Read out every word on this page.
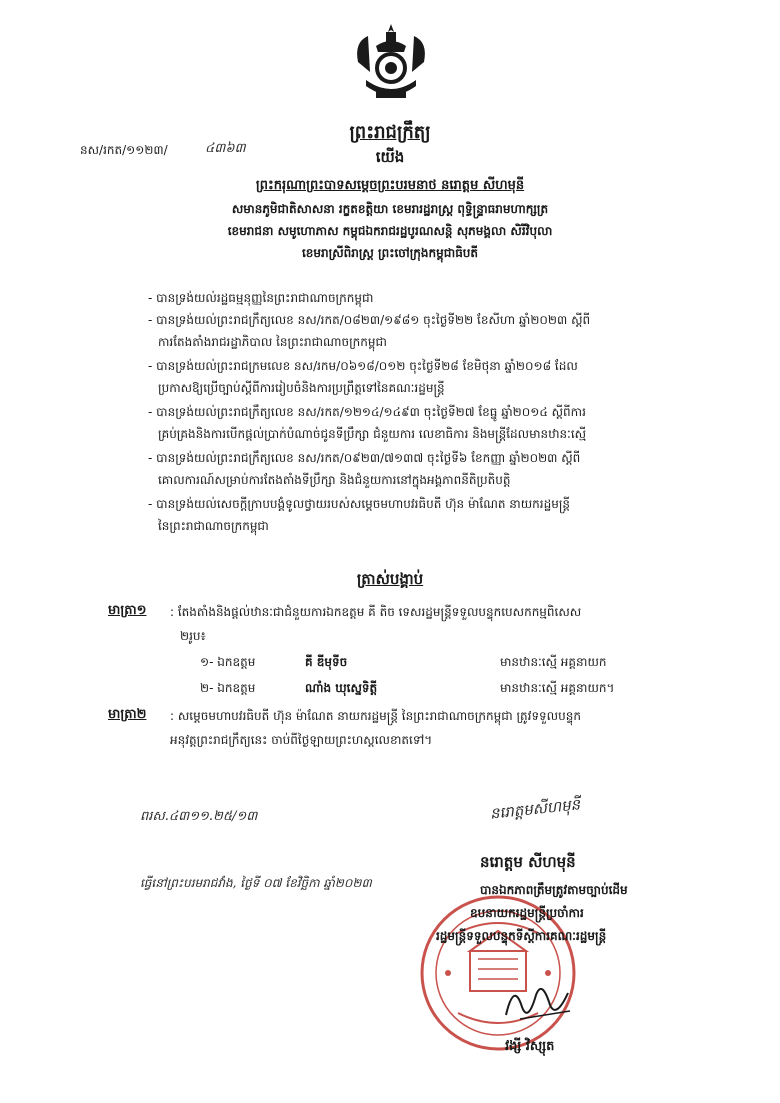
នស/រកត/១១២៣/	៤៣៦៣
ព្រះរាជក្រឹត្យ
យើង
ព្រះករុណាព្រះបាទសម្តេចព្រះបរមនាថ នរោត្តម សីហមុនី
សមានភូមិជាតិសាសនា រក្ខតខត្តិយា ខេមរារដ្ឋរាស្ត្រ ពុទ្ធិន្ទ្រាធរាមហាក្សត្រ
ខេមរាជនា សមូហោភាស កម្ពុជឯករាជរដ្ឋបូរណសន្តិ សុភមង្គលា សិរីវិបុលា
ខេមរាស្រីពិរាស្ត្រ ព្រះចៅក្រុងកម្ពុជាធិបតី
- បានទ្រង់យល់រដ្ឋធម្មនុញ្ញនៃព្រះរាជាណាចក្រកម្ពុជា
- បានទ្រង់យល់ព្រះរាជក្រឹត្យលេខ នស/រកត/០៨២៣/១៩៨១ ចុះថ្ងៃទី២២ ខែសីហា ឆ្នាំ២០២៣ ស្តីពី
ការតែងតាំងរាជរដ្ឋាភិបាល នៃព្រះរាជាណាចក្រកម្ពុជា
- បានទ្រង់យល់ព្រះរាជក្រមលេខ នស/រកម/០៦១៨/០១២ ចុះថ្ងៃទី២៨ ខែមិថុនា ឆ្នាំ២០១៨ ដែល
ប្រកាសឱ្យប្រើច្បាប់ស្តីពីការរៀបចំនិងការប្រព្រឹត្តទៅនៃគណៈរដ្ឋមន្ត្រី
- បានទ្រង់យល់ព្រះរាជក្រឹត្យលេខ នស/រកត/១២១៤/១៤៩៣ ចុះថ្ងៃទី២៧ ខែធ្នូ ឆ្នាំ២០១៤ ស្តីពីការ
គ្រប់គ្រងនិងការបើកផ្តល់ប្រាក់បំណាច់ជូនទីប្រឹក្សា ជំនួយការ លេខាធិការ និងមន្ត្រីដែលមានឋានៈស្មើ
- បានទ្រង់យល់ព្រះរាជក្រឹត្យលេខ នស/រកត/០៩២៣/៧១៣៧ ចុះថ្ងៃទី៦ ខែកញ្ញា ឆ្នាំ២០២៣ ស្តីពី
គោលការណ៍សម្រាប់ការតែងតាំងទីប្រឹក្សា និងជំនួយការនៅក្នុងអង្គភាពនីតិប្រតិបត្តិ
- បានទ្រង់យល់សេចក្តីក្រាបបង្គំទូលថ្វាយរបស់សម្តេចមហាបវរធិបតី ហ៊ុន ម៉ាណែត នាយករដ្ឋមន្ត្រី
នៃព្រះរាជាណាចក្រកម្ពុជា
ត្រាស់បង្គាប់
មាត្រា១ : តែងតាំងនិងផ្តល់ឋានៈជាជំនួយការឯកឧត្តម គី តិច ទេសរដ្ឋមន្ត្រីទទួលបន្ទុកបេសកកម្មពិសេស
២រូប៖
១- ឯកឧត្តម	គី ឌីមុទីច	មានឋានៈស្មើ អគ្គនាយក
២- ឯកឧត្តម	ណាំង ឃុស្នេទិត្តី	មានឋានៈស្មើ អគ្គនាយក។
មាត្រា២ : សម្តេចមហាបវរធិបតី ហ៊ុន ម៉ាណែត នាយករដ្ឋមន្ត្រី នៃព្រះរាជាណាចក្រកម្ពុជា ត្រូវទទួលបន្ទុក
អនុវត្តព្រះរាជក្រឹត្យនេះ ចាប់ពីថ្ងៃឡាយព្រះហស្តលេខាតទៅ។
ពរស.៤៣១១.២៥/១៣	នរោត្តមសីហមុនី
ធ្វើនៅព្រះបរមរាជវាំង, ថ្ងៃទី ០៧ ខែវិច្ឆិកា ឆ្នាំ២០២៣
នរោត្តម សីហមុនី
បានឯកភាពត្រឹមត្រូវតាមច្បាប់ដើម
ឧបនាយករដ្ឋមន្ត្រីប្រចាំការ
រដ្ឋមន្ត្រីទទួលបន្ទុកទីស្តីការគណៈរដ្ឋមន្ត្រី
វង្សី វិស្សុត
